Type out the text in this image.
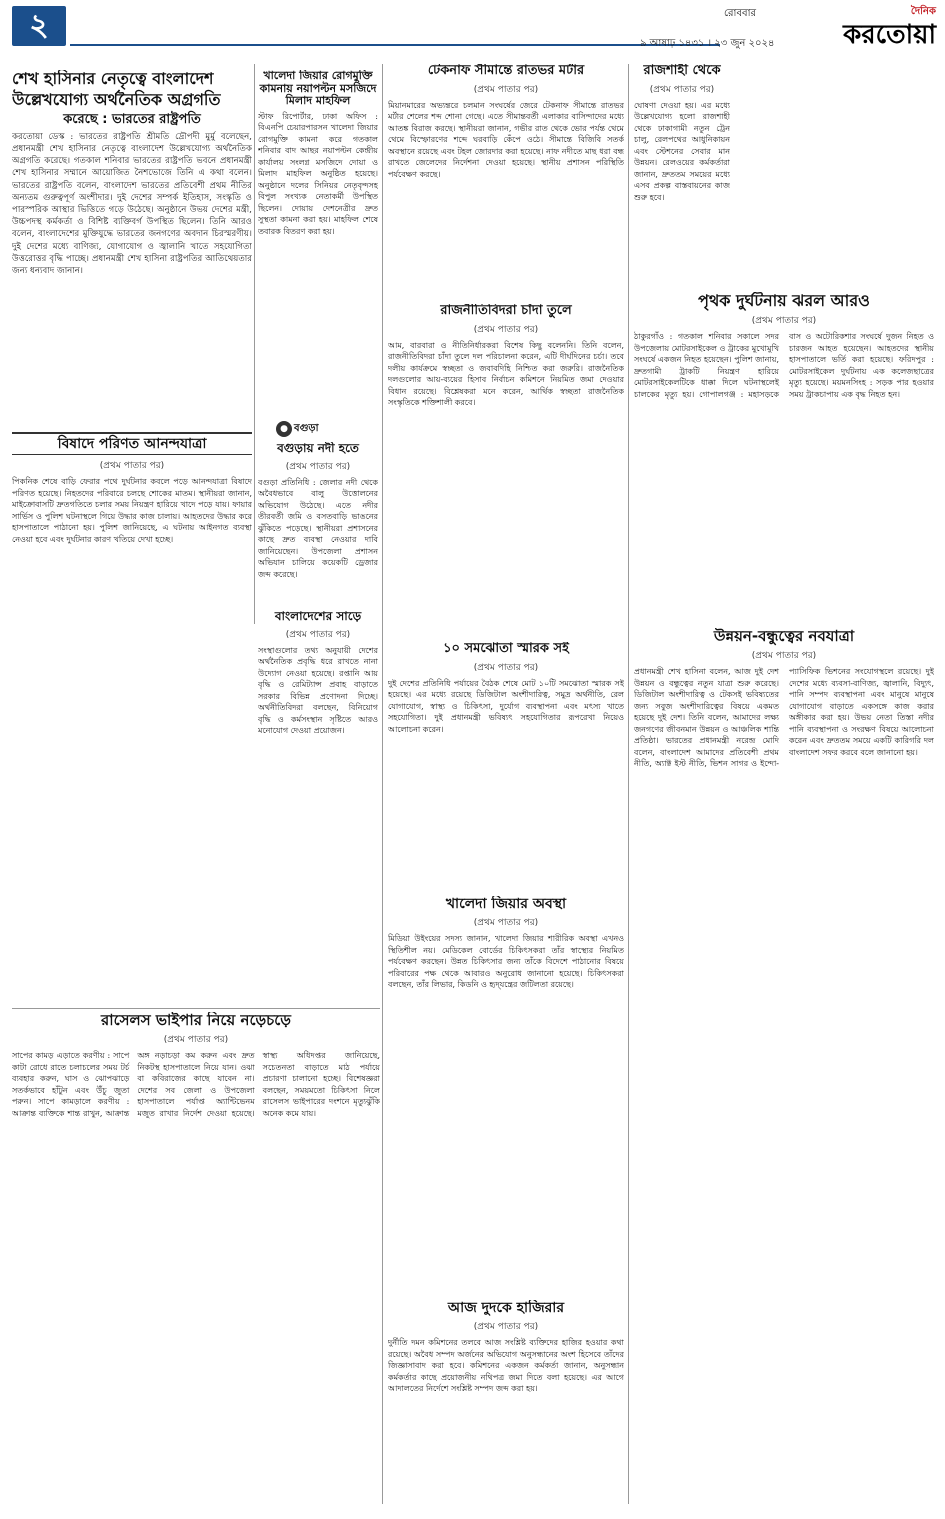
২	রোববার
৯ আষাঢ় ১৪৩১ । ২৩ জুন ২০২৪
দৈনিক
করতোয়া
শেখ হাসিনার নেতৃত্বে বাংলাদেশ
উল্লেখযোগ্য অর্থনৈতিক অগ্রগতি
করেছে : ভারতের রাষ্ট্রপতি

করতোয়া ডেস্ক : ভারতের রাষ্ট্রপতি শ্রীমতি দ্রৌপদী মুর্মু বলেছেন, প্রধানমন্ত্রী শেখ হাসিনার নেতৃত্বে বাংলাদেশ উল্লেখযোগ্য অর্থনৈতিক অগ্রগতি করেছে। গতকাল শনিবার ভারতের রাষ্ট্রপতি ভবনে প্রধানমন্ত্রী শেখ হাসিনার সম্মানে আয়োজিত নৈশভোজে তিনি এ কথা বলেন। ভারতের রাষ্ট্রপতি বলেন, বাংলাদেশ ভারতের প্রতিবেশী প্রথম নীতির অন্যতম গুরুত্বপূর্ণ অংশীদার। দুই দেশের সম্পর্ক ইতিহাস, সংস্কৃতি ও পারস্পরিক আস্থার ভিত্তিতে গড়ে উঠেছে। অনুষ্ঠানে উভয় দেশের মন্ত্রী, উচ্চপদস্থ কর্মকর্তা ও বিশিষ্ট ব্যক্তিবর্গ উপস্থিত ছিলেন। তিনি আরও বলেন, বাংলাদেশের মুক্তিযুদ্ধে ভারতের জনগণের অবদান চিরস্মরণীয়। দুই দেশের মধ্যে বাণিজ্য, যোগাযোগ ও জ্বালানি খাতে সহযোগিতা উত্তরোত্তর বৃদ্ধি পাচ্ছে। প্রধানমন্ত্রী শেখ হাসিনা রাষ্ট্রপতির আতিথেয়তার জন্য ধন্যবাদ জানান।

খালেদা জিয়ার রোগমুক্তি কামনায় নয়াপল্টন মসজিদে মিলাদ মাহফিল

স্টাফ রিপোর্টার, ঢাকা অফিস : বিএনপি চেয়ারপারসন খালেদা জিয়ার রোগমুক্তি কামনা করে গতকাল শনিবার বাদ আছর নয়াপল্টন কেন্দ্রীয় কার্যালয় সংলগ্ন মসজিদে দোয়া ও মিলাদ মাহফিল অনুষ্ঠিত হয়েছে। অনুষ্ঠানে দলের সিনিয়র নেতৃবৃন্দসহ বিপুল সংখ্যক নেতাকর্মী উপস্থিত ছিলেন। দোয়ায় দেশনেত্রীর দ্রুত সুস্থতা কামনা করা হয়। মাহফিল শেষে তবারক বিতরণ করা হয়।

টেকনাফ সীমান্তে রাতভর মর্টার
(প্রথম পাতার পর)

মিয়ানমারের অভ্যন্তরে চলমান সংঘর্ষের জেরে টেকনাফ সীমান্তে রাতভর মর্টার শেলের শব্দ শোনা গেছে। এতে সীমান্তবর্তী এলাকার বাসিন্দাদের মধ্যে আতঙ্ক বিরাজ করছে। স্থানীয়রা জানান, গভীর রাত থেকে ভোর পর্যন্ত থেমে থেমে বিস্ফোরণের শব্দে ঘরবাড়ি কেঁপে ওঠে। সীমান্তে বিজিবি সতর্ক অবস্থানে রয়েছে এবং টহল জোরদার করা হয়েছে। নাফ নদীতে মাছ ধরা বন্ধ রাখতে জেলেদের নির্দেশনা দেওয়া হয়েছে। স্থানীয় প্রশাসন পরিস্থিতি পর্যবেক্ষণ করছে।

রাজশাহী থেকে
(প্রথম পাতার পর)

ঘোষণা দেওয়া হয়। এর মধ্যে উল্লেখযোগ্য হলো রাজশাহী থেকে ঢাকাগামী নতুন ট্রেন চালু, রেলপথের আধুনিকায়ন এবং স্টেশনের সেবার মান উন্নয়ন। রেলওয়ের কর্মকর্তারা জানান, দ্রুততম সময়ের মধ্যে এসব প্রকল্প বাস্তবায়নের কাজ শুরু হবে।

পৃথক দুর্ঘটনায় ঝরল আরও
(প্রথম পাতার পর)

ঠাকুরগাঁও : গতকাল শনিবার সকালে সদর উপজেলায় মোটরসাইকেল ও ট্রাকের মুখোমুখি সংঘর্ষে একজন নিহত হয়েছেন। পুলিশ জানায়, দ্রুতগামী ট্রাকটি নিয়ন্ত্রণ হারিয়ে মোটরসাইকেলটিকে ধাক্কা দিলে ঘটনাস্থলেই চালকের মৃত্যু হয়। গোপালগঞ্জ : মহাসড়কে বাস ও অটোরিকশার সংঘর্ষে দুজন নিহত ও চারজন আহত হয়েছেন। আহতদের স্থানীয় হাসপাতালে ভর্তি করা হয়েছে। ফরিদপুর : মোটরসাইকেল দুর্ঘটনায় এক কলেজছাত্রের মৃত্যু হয়েছে। ময়মনসিংহ : সড়ক পার হওয়ার সময় ট্রাকচাপায় এক বৃদ্ধ নিহত হন।

বিষাদে পরিণত আনন্দযাত্রা
(প্রথম পাতার পর)

পিকনিক শেষে বাড়ি ফেরার পথে দুর্ঘটনার কবলে পড়ে আনন্দযাত্রা বিষাদে পরিণত হয়েছে। নিহতদের পরিবারে চলছে শোকের মাতম। স্থানীয়রা জানান, মাইক্রোবাসটি দ্রুতগতিতে চলার সময় নিয়ন্ত্রণ হারিয়ে খাদে পড়ে যায়। ফায়ার সার্ভিস ও পুলিশ ঘটনাস্থলে গিয়ে উদ্ধার কাজ চালায়। আহতদের উদ্ধার করে হাসপাতালে পাঠানো হয়। পুলিশ জানিয়েছে, এ ঘটনায় আইনগত ব্যবস্থা নেওয়া হবে এবং দুর্ঘটনার কারণ খতিয়ে দেখা হচ্ছে।

● বগুড়া
বগুড়ায় নদী হতে
(প্রথম পাতার পর)

বগুড়া প্রতিনিধি : জেলার নদী থেকে অবৈধভাবে বালু উত্তোলনের অভিযোগ উঠেছে। এতে নদীর তীরবর্তী জমি ও বসতবাড়ি ভাঙনের ঝুঁকিতে পড়েছে। স্থানীয়রা প্রশাসনের কাছে দ্রুত ব্যবস্থা নেওয়ার দাবি জানিয়েছেন। উপজেলা প্রশাসন অভিযান চালিয়ে কয়েকটি ড্রেজার জব্দ করেছে।

রাজনীতিবিদরা চাঁদা তুলে
(প্রথম পাতার পর)

আম, বারবারা ও নীতিনির্ধারকরা বিশেষ কিছু বলেননি। তিনি বলেন, রাজনীতিবিদরা চাঁদা তুলে দল পরিচালনা করেন, এটি দীর্ঘদিনের চর্চা। তবে দলীয় কার্যক্রমে স্বচ্ছতা ও জবাবদিহি নিশ্চিত করা জরুরি। রাজনৈতিক দলগুলোর আয়-ব্যয়ের হিসাব নির্বাচন কমিশনে নিয়মিত জমা দেওয়ার বিধান রয়েছে। বিশ্লেষকরা মনে করেন, আর্থিক স্বচ্ছতা রাজনৈতিক সংস্কৃতিকে শক্তিশালী করবে।

বাংলাদেশের সাড়ে
(প্রথম পাতার পর)

সংস্থাগুলোর তথ্য অনুযায়ী দেশের অর্থনৈতিক প্রবৃদ্ধি ধরে রাখতে নানা উদ্যোগ নেওয়া হয়েছে। রপ্তানি আয় বৃদ্ধি ও রেমিট্যান্স প্রবাহ বাড়াতে সরকার বিভিন্ন প্রণোদনা দিচ্ছে। অর্থনীতিবিদরা বলছেন, বিনিয়োগ বৃদ্ধি ও কর্মসংস্থান সৃষ্টিতে আরও মনোযোগ দেওয়া প্রয়োজন।

১০ সমঝোতা স্মারক সই
(প্রথম পাতার পর)

দুই দেশের প্রতিনিধি পর্যায়ের বৈঠক শেষে মোট ১০টি সমঝোতা স্মারক সই হয়েছে। এর মধ্যে রয়েছে ডিজিটাল অংশীদারিত্ব, সমুদ্র অর্থনীতি, রেল যোগাযোগ, স্বাস্থ্য ও চিকিৎসা, দুর্যোগ ব্যবস্থাপনা এবং মৎস্য খাতে সহযোগিতা। দুই প্রধানমন্ত্রী ভবিষ্যৎ সহযোগিতার রূপরেখা নিয়েও আলোচনা করেন।

উন্নয়ন-বন্ধুত্বের নবযাত্রা
(প্রথম পাতার পর)

প্রধানমন্ত্রী শেখ হাসিনা বলেন, আজ দুই দেশ উন্নয়ন ও বন্ধুত্বের নতুন যাত্রা শুরু করেছে। ডিজিটাল অংশীদারিত্ব ও টেকসই ভবিষ্যতের জন্য সবুজ অংশীদারিত্বের বিষয়ে একমত হয়েছে দুই দেশ। তিনি বলেন, আমাদের লক্ষ্য জনগণের জীবনমান উন্নয়ন ও আঞ্চলিক শান্তি প্রতিষ্ঠা। ভারতের প্রধানমন্ত্রী নরেন্দ্র মোদি বলেন, বাংলাদেশ আমাদের প্রতিবেশী প্রথম নীতি, অ্যাক্ট ইস্ট নীতি, ভিশন সাগর ও ইন্দো-প্যাসিফিক ভিশনের সংযোগস্থলে রয়েছে। দুই দেশের মধ্যে ব্যবসা-বাণিজ্য, জ্বালানি, বিদ্যুৎ, পানি সম্পদ ব্যবস্থাপনা এবং মানুষে মানুষে যোগাযোগ বাড়াতে একসঙ্গে কাজ করার অঙ্গীকার করা হয়। উভয় নেতা তিস্তা নদীর পানি ব্যবস্থাপনা ও সংরক্ষণ বিষয়ে আলোচনা করেন এবং দ্রুততম সময়ে একটি কারিগরি দল বাংলাদেশ সফর করবে বলে জানানো হয়।

খালেদা জিয়ার অবস্থা
(প্রথম পাতার পর)

মিডিয়া উইংয়ের সদস্য জানান, খালেদা জিয়ার শারীরিক অবস্থা এখনও স্থিতিশীল নয়। মেডিকেল বোর্ডের চিকিৎসকরা তাঁর স্বাস্থ্যের নিয়মিত পর্যবেক্ষণ করছেন। উন্নত চিকিৎসার জন্য তাঁকে বিদেশে পাঠানোর বিষয়ে পরিবারের পক্ষ থেকে আবারও অনুরোধ জানানো হয়েছে। চিকিৎসকরা বলছেন, তাঁর লিভার, কিডনি ও হৃদ্‌যন্ত্রের জটিলতা রয়েছে।

রাসেলস ভাইপার নিয়ে নড়েচড়ে
(প্রথম পাতার পর)

সাপের কামড় এড়াতে করণীয় : সাপে কাটা রোধে রাতে চলাচলের সময় টর্চ ব্যবহার করুন, ঘাস ও ঝোপঝাড়ে সতর্কভাবে হাঁটুন এবং উঁচু জুতা পরুন। সাপে কামড়ালে করণীয় : আক্রান্ত ব্যক্তিকে শান্ত রাখুন, আক্রান্ত অঙ্গ নড়াচড়া কম করুন এবং দ্রুত নিকটস্থ হাসপাতালে নিয়ে যান। ওঝা বা কবিরাজের কাছে যাবেন না। দেশের সব জেলা ও উপজেলা হাসপাতালে পর্যাপ্ত অ্যান্টিভেনম মজুত রাখার নির্দেশ দেওয়া হয়েছে। স্বাস্থ্য অধিদপ্তর জানিয়েছে, সচেতনতা বাড়াতে মাঠ পর্যায়ে প্রচারণা চালানো হচ্ছে। বিশেষজ্ঞরা বলছেন, সময়মতো চিকিৎসা নিলে রাসেলস ভাইপারের দংশনে মৃত্যুঝুঁকি অনেক কমে যায়।

আজ দুদকে হাজিরার
(প্রথম পাতার পর)

দুর্নীতি দমন কমিশনের তলবে আজ সংশ্লিষ্ট ব্যক্তিদের হাজির হওয়ার কথা রয়েছে। অবৈধ সম্পদ অর্জনের অভিযোগ অনুসন্ধানের অংশ হিসেবে তাঁদের জিজ্ঞাসাবাদ করা হবে। কমিশনের একজন কর্মকর্তা জানান, অনুসন্ধান কর্মকর্তার কাছে প্রয়োজনীয় নথিপত্র জমা দিতে বলা হয়েছে। এর আগে আদালতের নির্দেশে সংশ্লিষ্ট সম্পদ জব্দ করা হয়।
